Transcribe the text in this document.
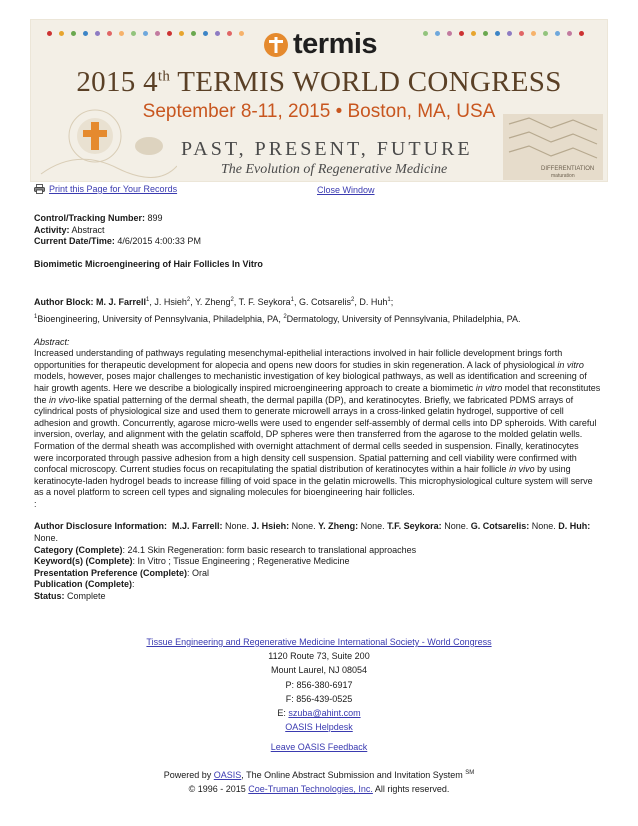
termis
2015 4th TERMIS WORLD CONGRESS
September 8-11, 2015 • Boston, MA, USA
PAST, PRESENT, FUTURE
The Evolution of Regenerative Medicine	DIFFERENTIATION
maturation
Print this Page for Your Records	Close Window
Control/Tracking Number: 899
Activity: Abstract
Current Date/Time: 4/6/2015 4:00:33 PM
Biomimetic Microengineering of Hair Follicles In Vitro
Author Block: M. J. Farrell$^1$, J. Hsieh$^2$, Y. Zheng$^2$, T. F. Seykora$^1$, G. Cotsarelis$^2$, D. Huh$^1$;
$^1$Bioengineering, University of Pennsylvania, Philadelphia, PA, $^2$Dermatology, University of Pennsylvania, Philadelphia, PA.
Abstract:

Increased understanding of pathways regulating mesenchymal-epithelial interactions involved in hair follicle development brings forth

opportunities for therapeutic development for alopecia and opens new doors for studies in skin regeneration. A lack of physiological in vitro

models, however, poses major challenges to mechanistic investigation of key biological pathways, as well as identification and screening of

hair growth agents. Here we describe a biologically inspired microengineering approach to create a biomimetic in vitro model that reconstitutes

the in vivo-like spatial patterning of the dermal sheath, the dermal papilla (DP), and keratinocytes. Briefly, we fabricated PDMS arrays of

cylindrical posts of physiological size and used them to generate microwell arrays in a cross-linked gelatin hydrogel, supportive of cell

adhesion and growth. Concurrently, agarose micro-wells were used to engender self-assembly of dermal cells into DP spheroids. With careful

inversion, overlay, and alignment with the gelatin scaffold, DP spheres were then transferred from the agarose to the molded gelatin wells.

Formation of the dermal sheath was accomplished with overnight attachment of dermal cells seeded in suspension. Finally, keratinocytes

were incorporated through passive adhesion from a high density cell suspension. Spatial patterning and cell viability were confirmed with

confocal microscopy. Current studies focus on recapitulating the spatial distribution of keratinocytes within a hair follicle in vivo by using

keratinocyte-laden hydrogel beads to increase filling of void space in the gelatin microwells. This microphysiological culture system will serve

as a novel platform to screen cell types and signaling molecules for bioengineering hair follicles.

:

Author Disclosure Information: M.J. Farrell: None. J. Hsieh: None. Y. Zheng: None. T.F. Seykora: None. G. Cotsarelis: None. D. Huh:
None.
Category (Complete): 24.1 Skin Regeneration: form basic research to translational approaches
Keyword(s) (Complete): In Vitro ; Tissue Engineering ; Regenerative Medicine
Presentation Preference (Complete): Oral
Publication (Complete):
Status: Complete
Tissue Engineering and Regenerative Medicine International Society - World Congress
1120 Route 73, Suite 200
Mount Laurel, NJ 08054
P: 856-380-6917
F: 856-439-0525
E: szuba@ahint.com
OASIS Helpdesk
Leave OASIS Feedback
Powered by OASIS, The Online Abstract Submission and Invitation System ℠
© 1996 - 2015 Coe-Truman Technologies, Inc. All rights reserved.
